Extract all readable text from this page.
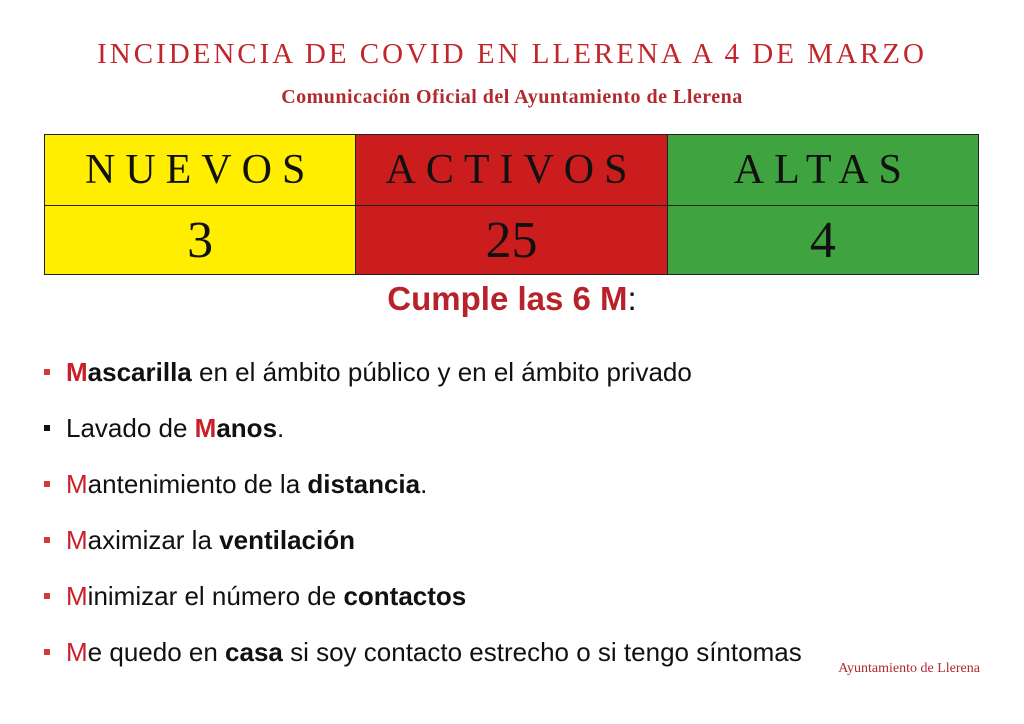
INCIDENCIA DE COVID EN LLERENA A 4 DE MARZO
Comunicación Oficial del Ayuntamiento de Llerena
NUEVOS	ACTIVOS	ALTAS
3	25	4
Cumple las 6 M:
Mascarilla en el ámbito público y en el ámbito privado
Lavado de Manos.
Mantenimiento de la distancia.
Maximizar la ventilación
Minimizar el número de contactos
Me quedo en casa si soy contacto estrecho o si tengo síntomas
Ayuntamiento de Llerena
